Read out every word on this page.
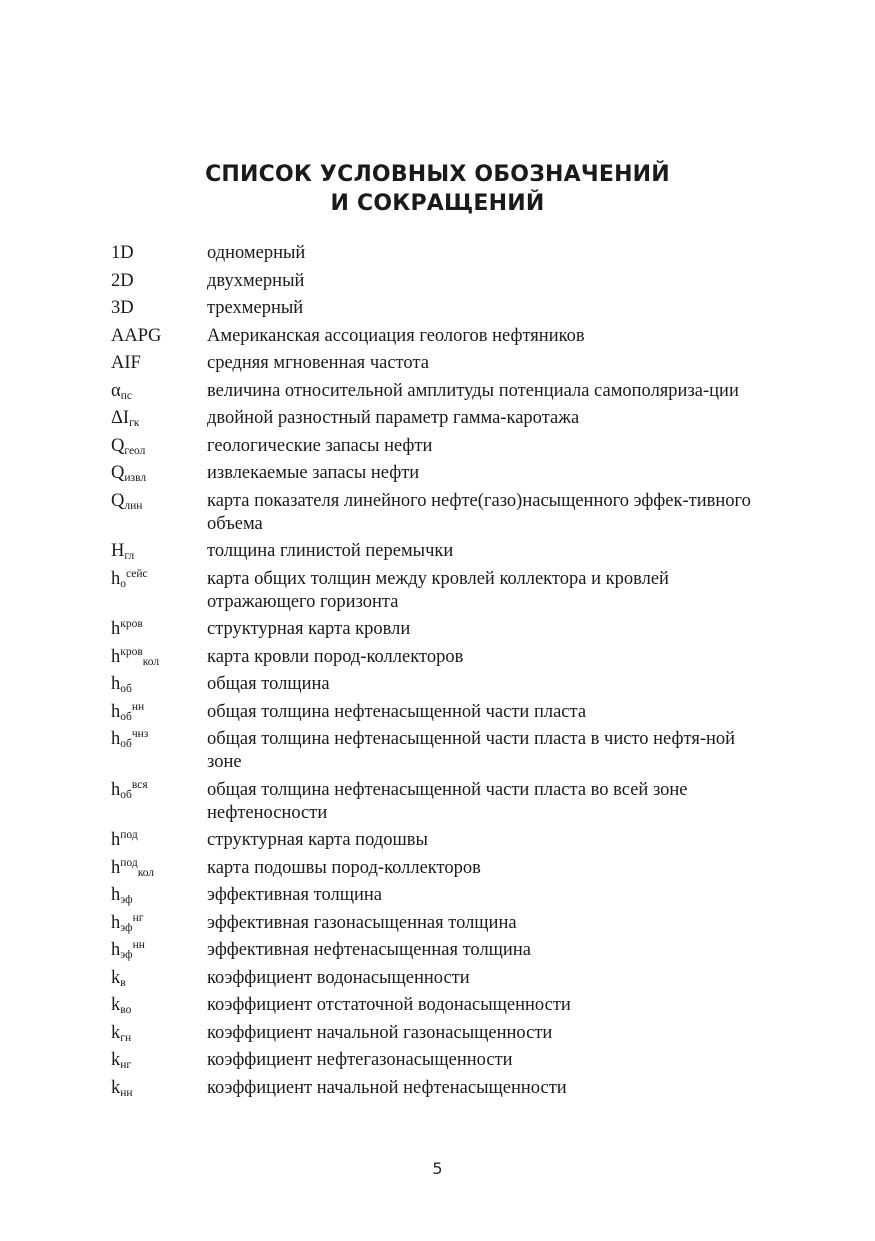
СПИСОК УСЛОВНЫХ ОБОЗНАЧЕНИЙ
И СОКРАЩЕНИЙ
1D	одномерный
2D	двухмерный
3D	трехмерный
AAPG	Американская ассоциация геологов нефтяников
AIF	средняя мгновенная частота
$\alpha_{пс}$	величина относительной амплитуды потенциала самополяриза-ции
$\Delta I_{гк}$	двойной разностный параметр гамма-каротажа
$Q_{геол}$	геологические запасы нефти
$Q_{извл}$	извлекаемые запасы нефти
$Q_{лин}$	карта показателя линейного нефте(газо)насыщенного эффек-тивного объема
$H_{гл}$	толщина глинистой перемычки
$h_о^{сейс}$	карта общих толщин между кровлей коллектора и кровлей отражающего горизонта
$h^{кров}$	структурная карта кровли
$h^{кров}_{кол}$	карта кровли пород-коллекторов
$h_{об}$	общая толщина
$h_{об}^{нн}$	общая толщина нефтенасыщенной части пласта
$h_{об}^{чнз}$	общая толщина нефтенасыщенной части пласта в чисто нефтя-ной зоне
$h_{об}^{вся}$	общая толщина нефтенасыщенной части пласта во всей зоне нефтеносности
$h^{под}$	структурная карта подошвы
$h^{под}_{кол}$	карта подошвы пород-коллекторов
$h_{эф}$	эффективная толщина
$h_{эф}^{нг}$	эффективная газонасыщенная толщина
$h_{эф}^{нн}$	эффективная нефтенасыщенная толщина
$k_в$	коэффициент водонасыщенности
$k_{во}$	коэффициент отстаточной водонасыщенности
$k_{гн}$	коэффициент начальной газонасыщенности
$k_{нг}$	коэффициент нефтегазонасыщенности
$k_{нн}$	коэффициент начальной нефтенасыщенности
5
